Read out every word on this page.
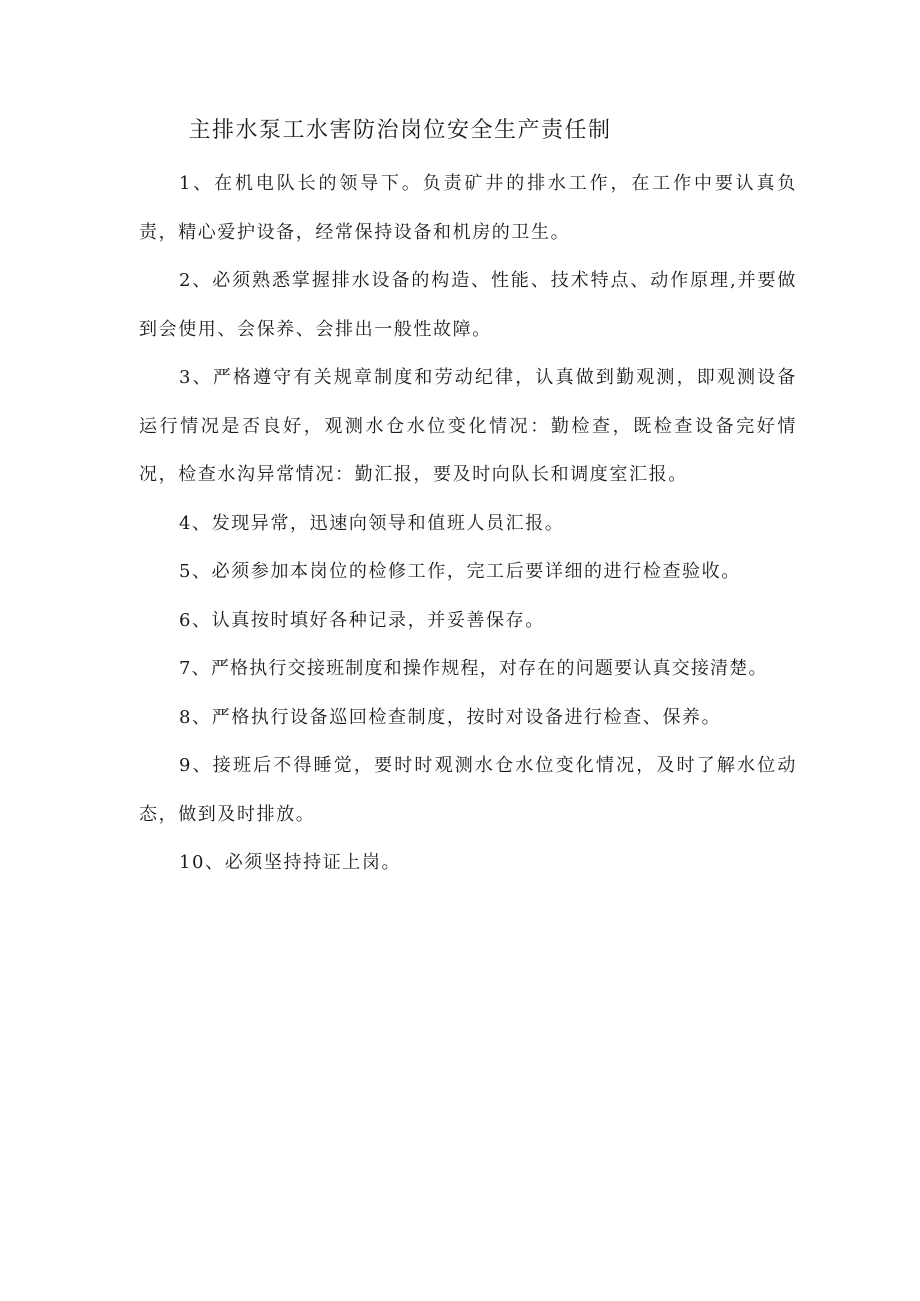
主排水泵工水害防治岗位安全生产责任制

1、在机电队长的领导下。负责矿井的排水工作，在工作中要认真负责，精心爱护设备，经常保持设备和机房的卫生。

2、必须熟悉掌握排水设备的构造、性能、技术特点、动作原理,并要做到会使用、会保养、会排出一般性故障。

3、严格遵守有关规章制度和劳动纪律，认真做到勤观测，即观测设备运行情况是否良好，观测水仓水位变化情况：勤检查，既检查设备完好情况，检查水沟异常情况：勤汇报，要及时向队长和调度室汇报。

4、发现异常，迅速向领导和值班人员汇报。

5、必须参加本岗位的检修工作，完工后要详细的进行检查验收。

6、认真按时填好各种记录，并妥善保存。

7、严格执行交接班制度和操作规程，对存在的问题要认真交接清楚。

8、严格执行设备巡回检查制度，按时对设备进行检查、保养。

9、接班后不得睡觉，要时时观测水仓水位变化情况，及时了解水位动态，做到及时排放。

10、必须坚持持证上岗。
